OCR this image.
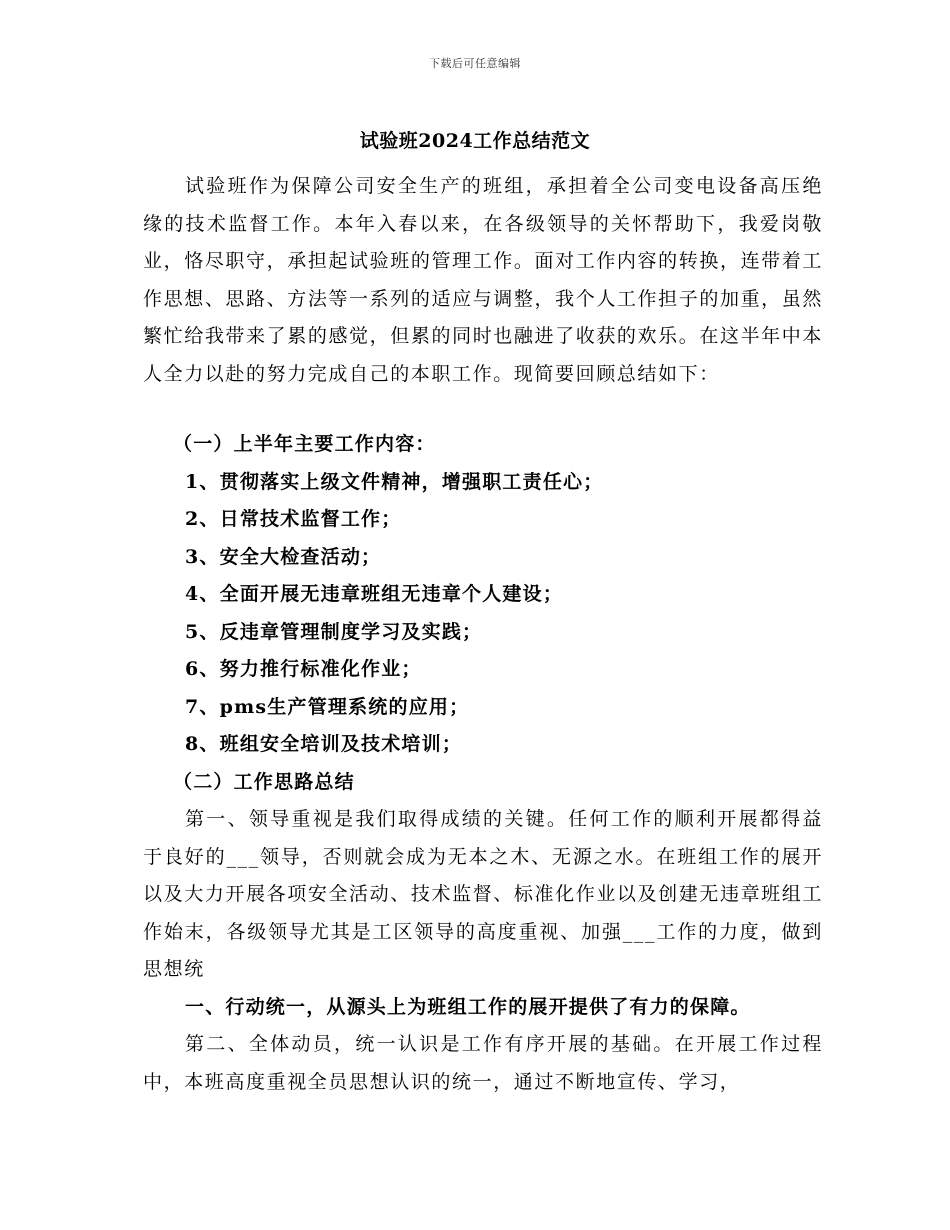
下载后可任意编辑
试验班2024工作总结范文

试验班作为保障公司安全生产的班组，承担着全公司变电设备高压绝缘的技术监督工作。本年入春以来，在各级领导的关怀帮助下，我爱岗敬业，恪尽职守，承担起试验班的管理工作。面对工作内容的转换，连带着工作思想、思路、方法等一系列的适应与调整，我个人工作担子的加重，虽然繁忙给我带来了累的感觉，但累的同时也融进了收获的欢乐。在这半年中本人全力以赴的努力完成自己的本职工作。现简要回顾总结如下：

（一）上半年主要工作内容：
1、贯彻落实上级文件精神，增强职工责任心；
2、日常技术监督工作；
3、安全大检查活动；
4、全面开展无违章班组无违章个人建设；
5、反违章管理制度学习及实践；
6、努力推行标准化作业；
7、pms生产管理系统的应用；
8、班组安全培训及技术培训；
（二）工作思路总结

第一、领导重视是我们取得成绩的关键。任何工作的顺利开展都得益于良好的___领导，否则就会成为无本之木、无源之水。在班组工作的展开以及大力开展各项安全活动、技术监督、标准化作业以及创建无违章班组工作始末，各级领导尤其是工区领导的高度重视、加强___工作的力度，做到思想统

一、行动统一，从源头上为班组工作的展开提供了有力的保障。

第二、全体动员，统一认识是工作有序开展的基础。在开展工作过程中，本班高度重视全员思想认识的统一，通过不断地宣传、学习，
